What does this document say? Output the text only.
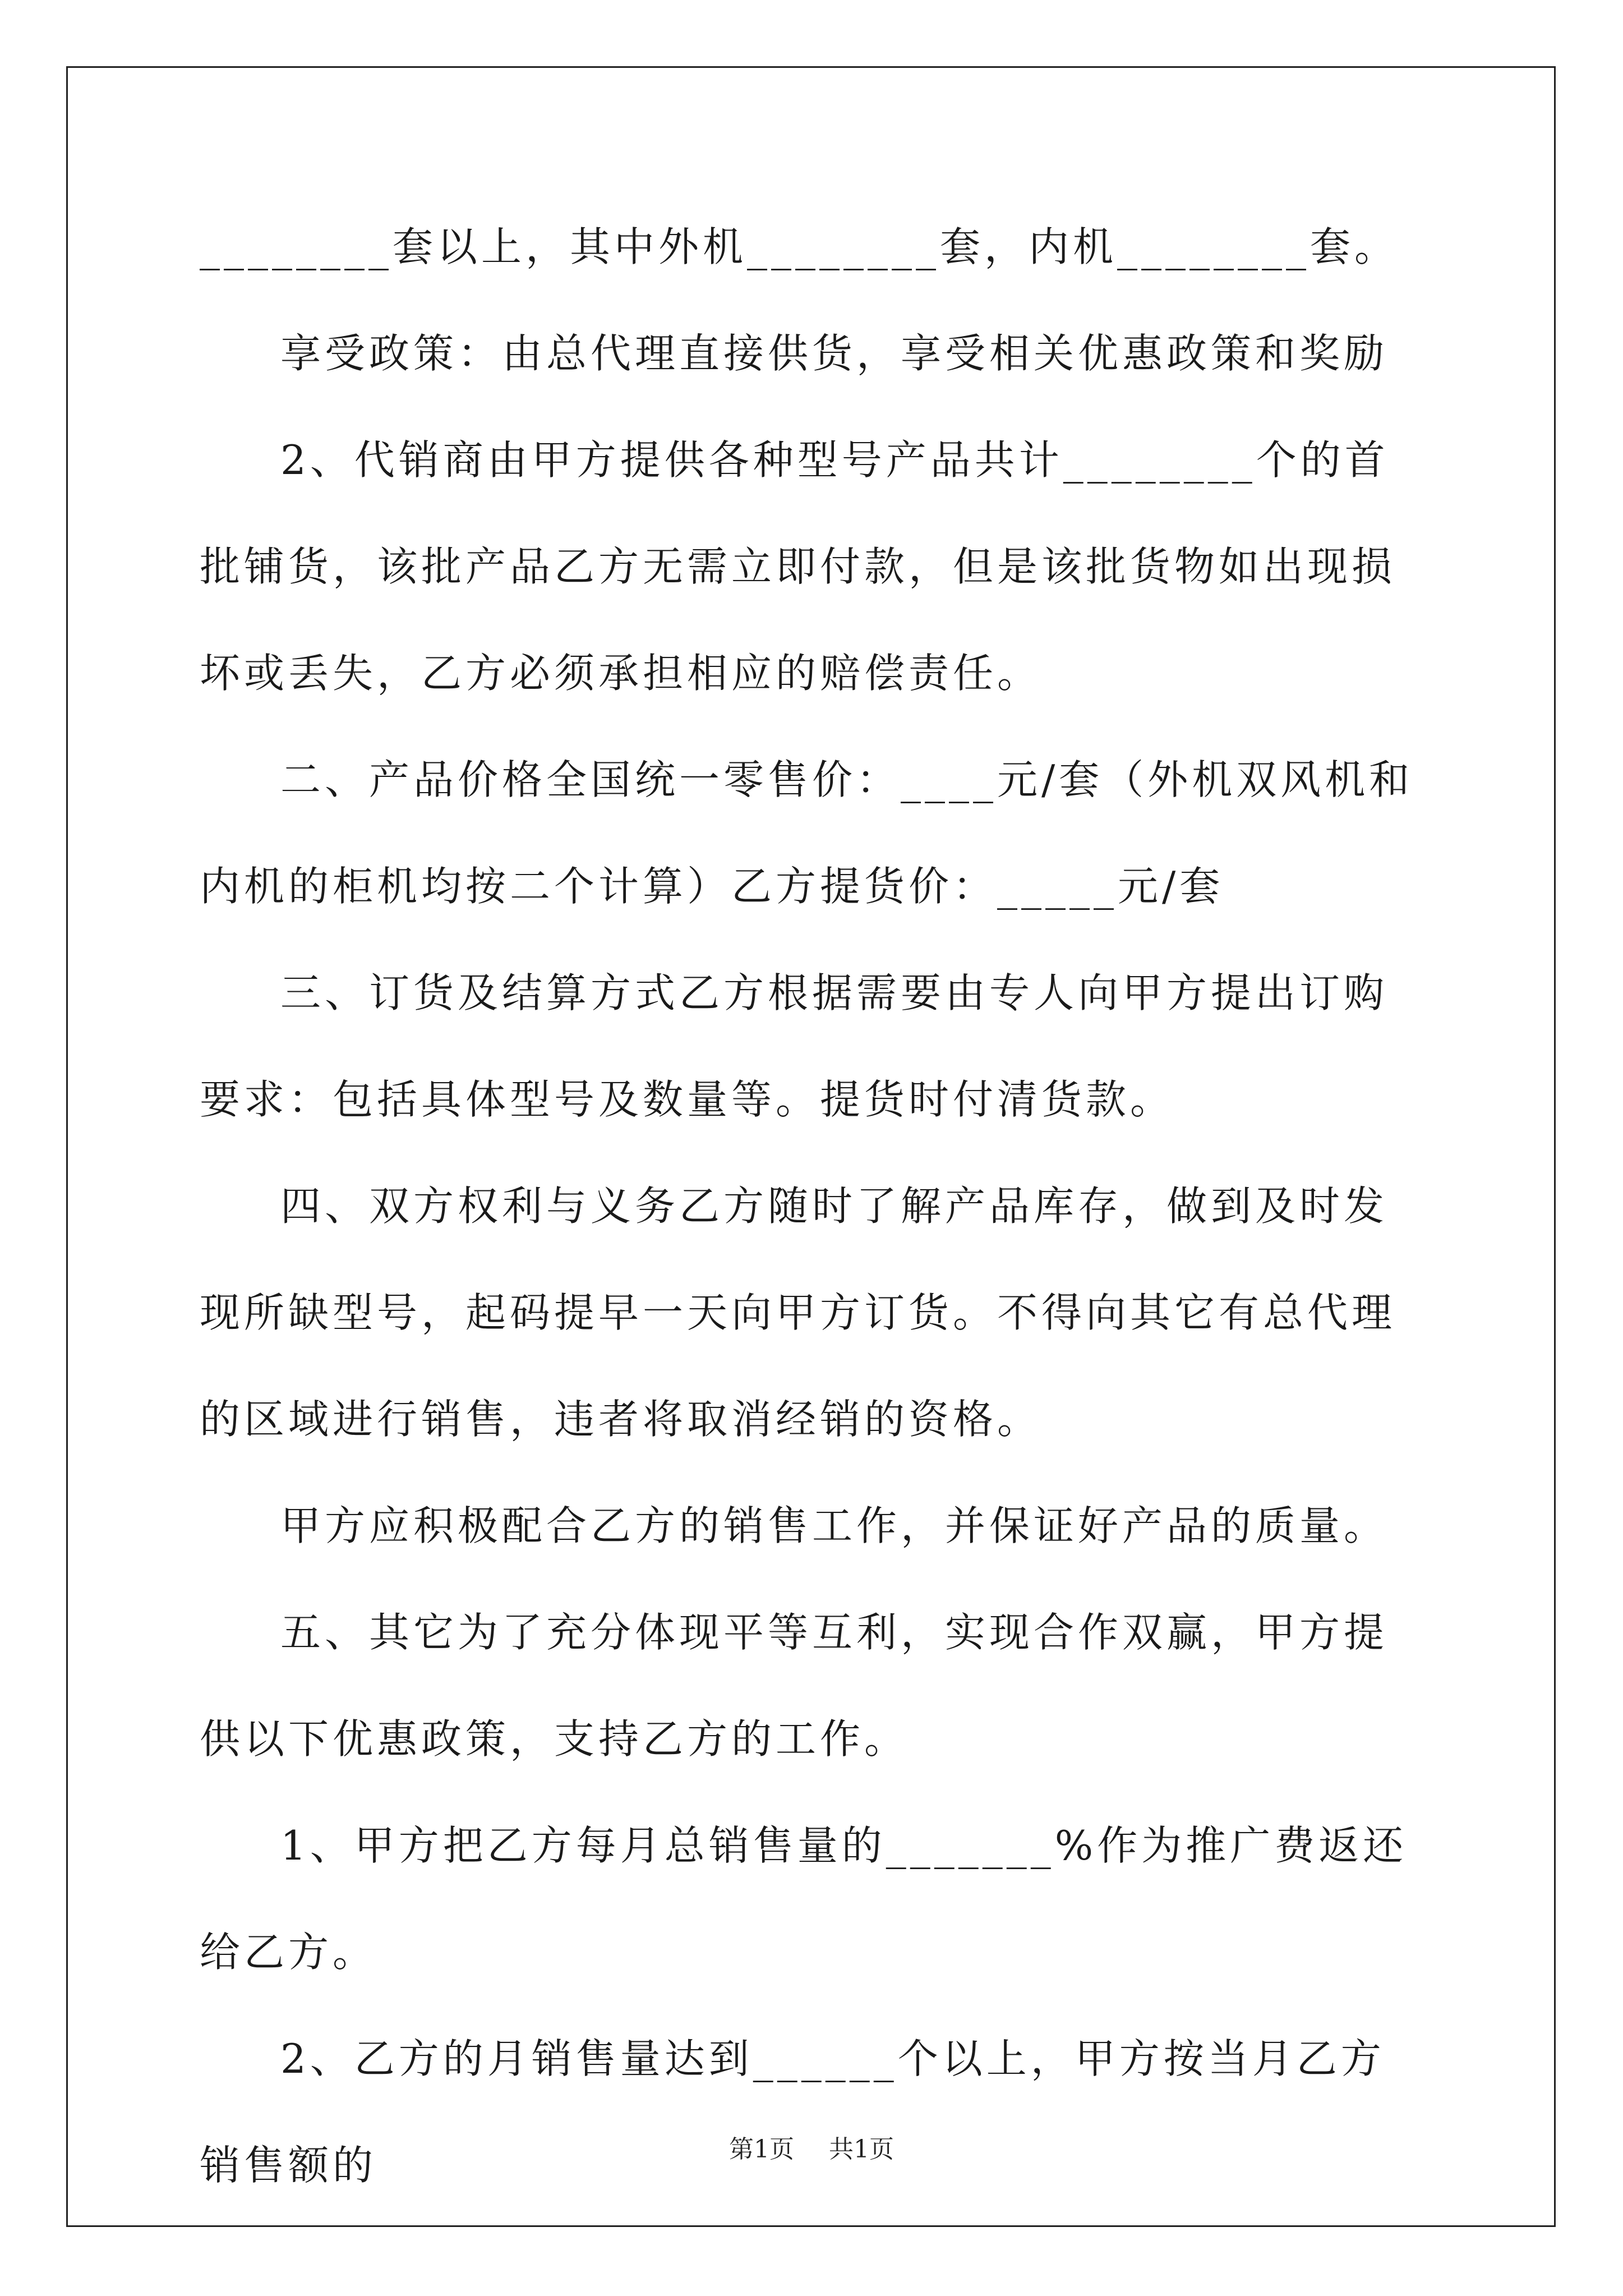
________套以上，其中外机________套，内机________套。

享受政策：由总代理直接供货，享受相关优惠政策和奖励

2、代销商由甲方提供各种型号产品共计________个的首批铺货，该批产品乙方无需立即付款，但是该批货物如出现损坏或丢失，乙方必须承担相应的赔偿责任。

二、产品价格全国统一零售价：____元/套（外机双风机和内机的柜机均按二个计算）乙方提货价：_____元/套

三、订货及结算方式乙方根据需要由专人向甲方提出订购要求：包括具体型号及数量等。提货时付清货款。

四、双方权利与义务乙方随时了解产品库存，做到及时发现所缺型号，起码提早一天向甲方订货。不得向其它有总代理的区域进行销售，违者将取消经销的资格。

甲方应积极配合乙方的销售工作，并保证好产品的质量。

五、其它为了充分体现平等互利，实现合作双赢，甲方提供以下优惠政策，支持乙方的工作。

1、甲方把乙方每月总销售量的_______%作为推广费返还给乙方。

2、乙方的月销售量达到______个以上，甲方按当月乙方销售额的	第1页 共1页
